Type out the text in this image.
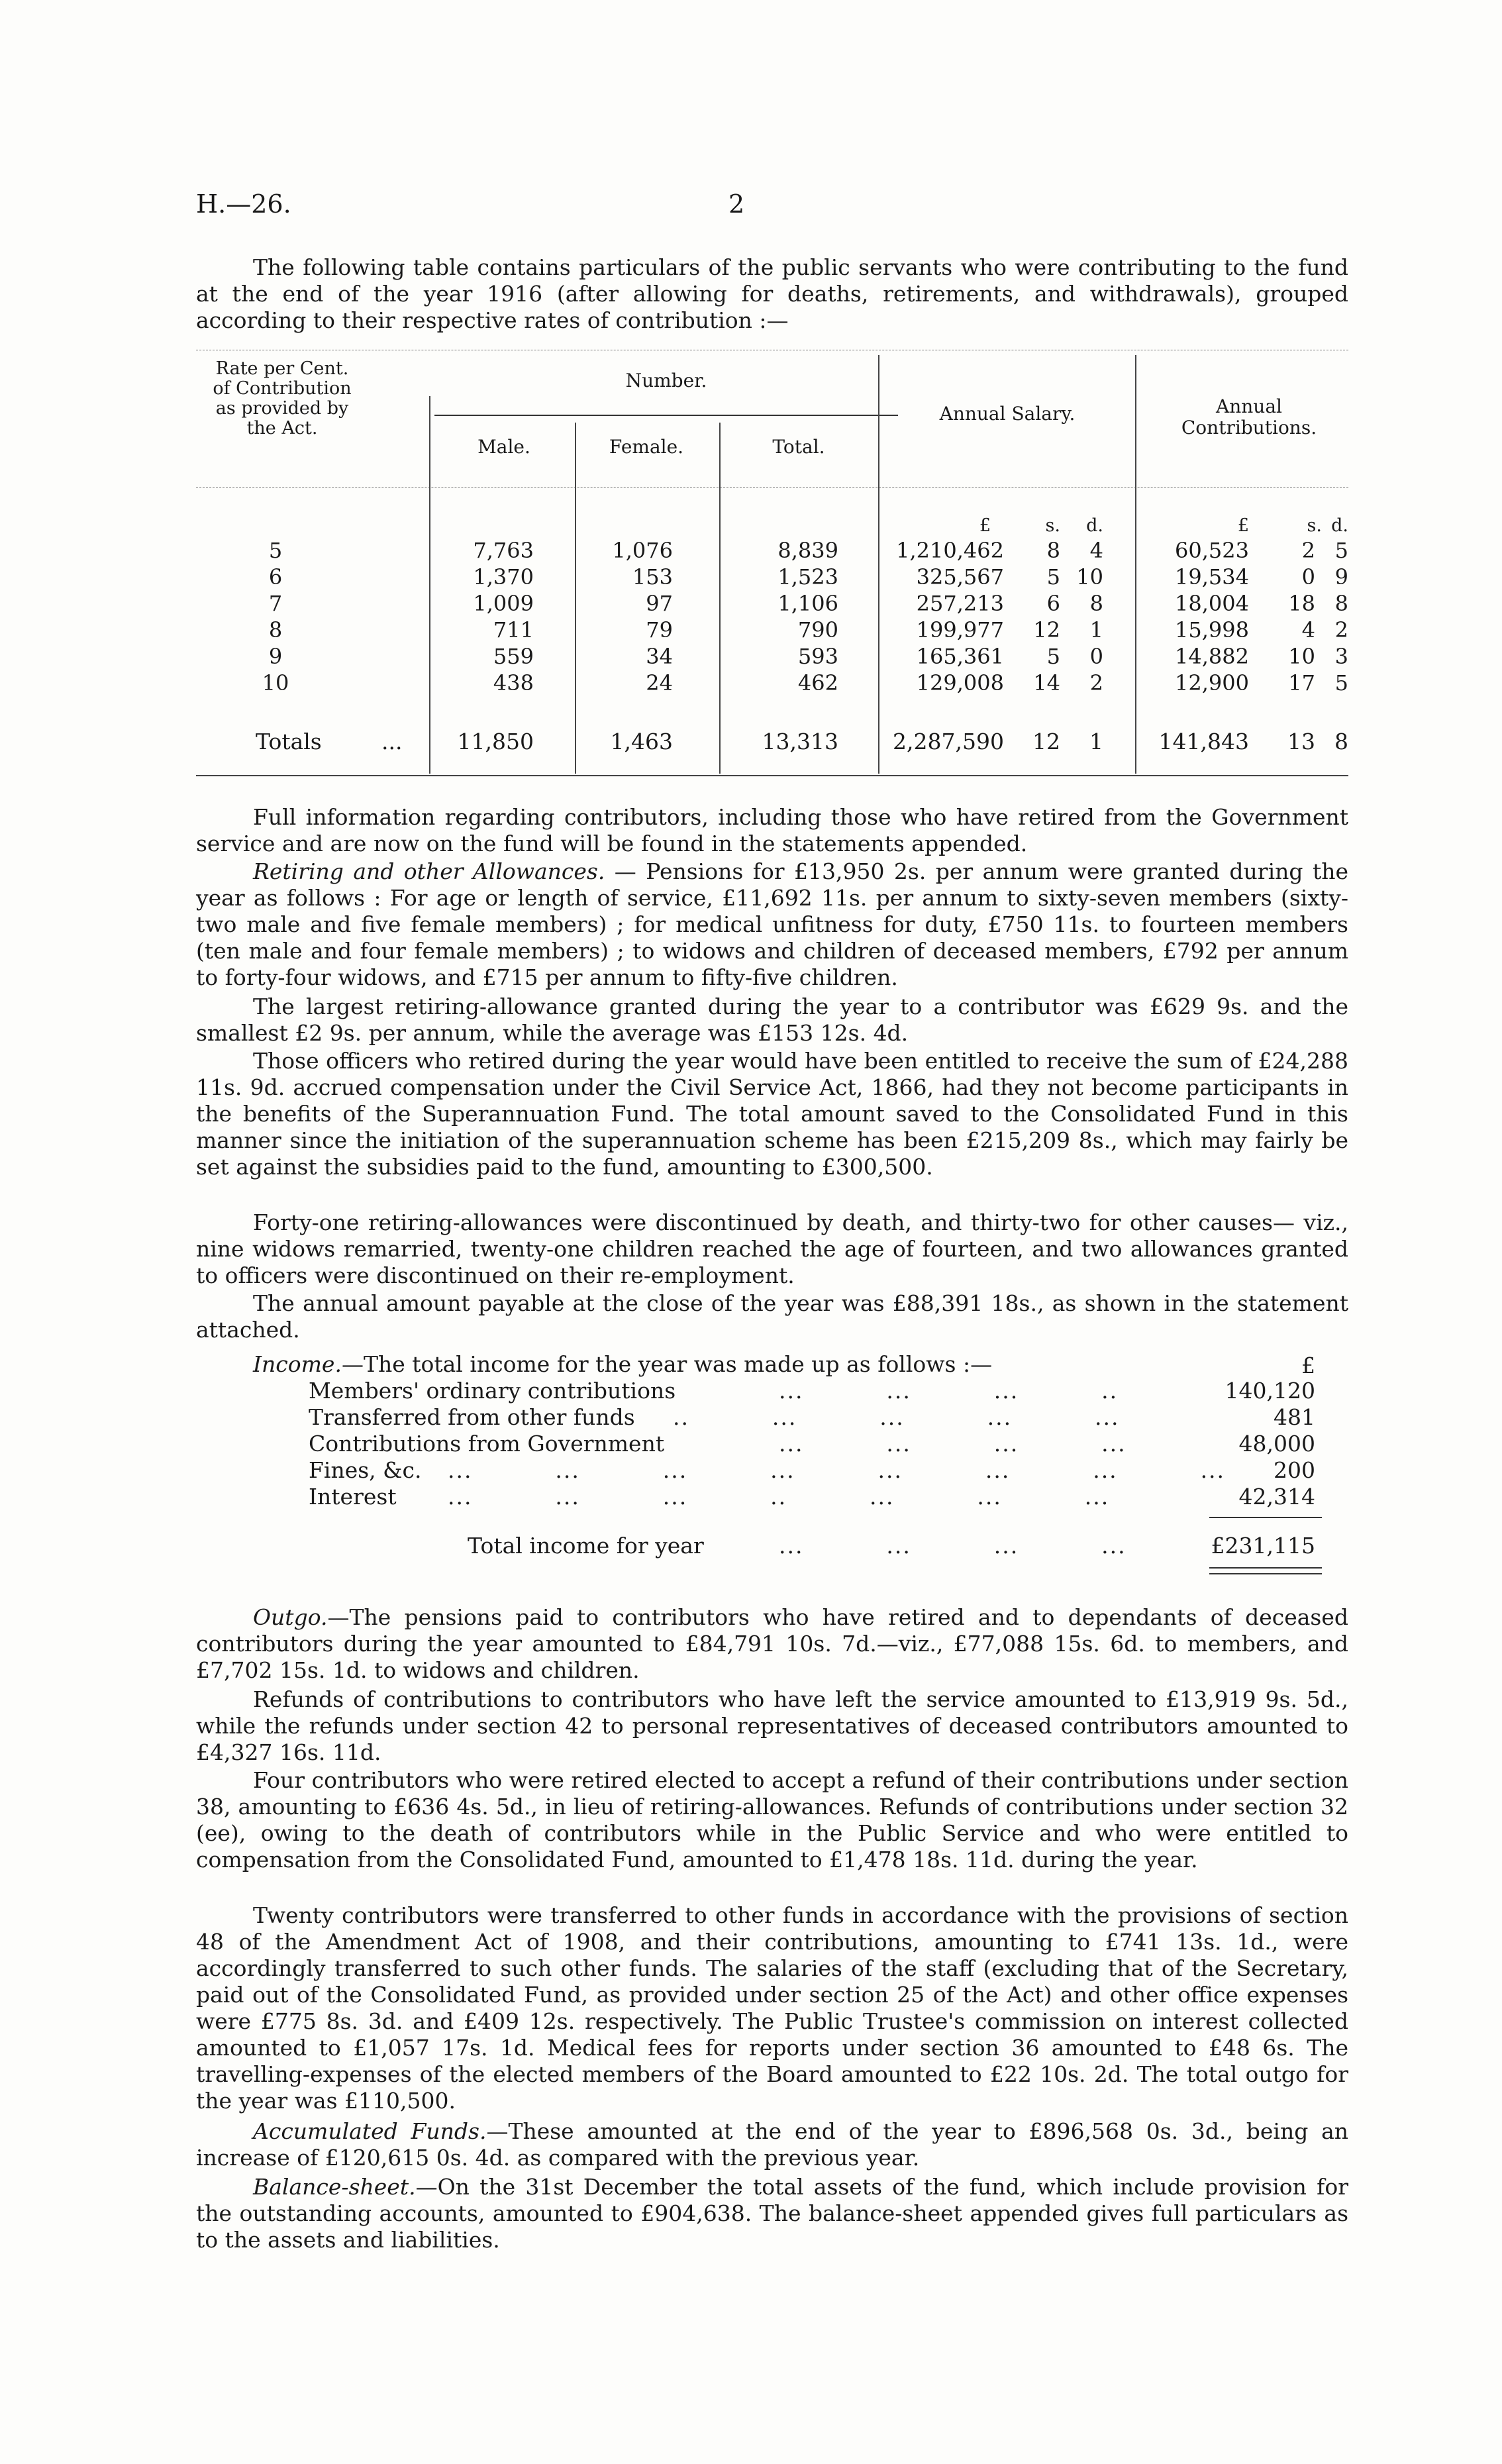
H.—26.	2
The following table contains particulars of the public servants who were contributing to the fund at the end of the year 1916 (after allowing for deaths, retirements, and withdrawals), grouped according to their respective rates of contribution :—
Rate per Cent. of Contribution as provided by the Act.
Number.
Male.	Female.	Total.
Annual Salary.	Annual Contributions.
£	s.	d.	£	s. d.
5	7,763	1,076	8,839	1,210,462	8	4	60,523	2 5
6	1,370	153	1,523	325,567	5 10	19,534	0 9
7	1,009	97	1,106	257,213	6	8	18,004 18 8
8	711	79	790	199,977	12	1	15,998	4 2
9	559	34	593	165,361	5	0	14,882 10 3
10	438	24	462	129,008	14	2	12,900 17 5
Totals	...	11,850	1,463	13,313	2,287,590	12	1	141,843 13 8
Full information regarding contributors, including those who have retired from the Government service and are now on the fund will be found in the statements appended.
Retiring and other Allowances. — Pensions for £13,950 2s. per annum were granted during the year as follows : For age or length of service, £11,692 11s. per annum to sixty-seven members (sixty-two male and five female members) ; for medical unfitness for duty, £750 11s. to fourteen members (ten male and four female members) ; to widows and children of deceased members, £792 per annum to forty-four widows, and £715 per annum to fifty-five children.
The largest retiring-allowance granted during the year to a contributor was £629 9s. and the smallest £2 9s. per annum, while the average was £153 12s. 4d.
Those officers who retired during the year would have been entitled to receive the sum of £24,288 11s. 9d. accrued compensation under the Civil Service Act, 1866, had they not become participants in the benefits of the Superannuation Fund. The total amount saved to the Consolidated Fund in this manner since the initiation of the superannuation scheme has been £215,209 8s., which may fairly be set against the subsidies paid to the fund, amounting to £300,500.
Forty-one retiring-allowances were discontinued by death, and thirty-two for other causes— viz., nine widows remarried, twenty-one children reached the age of fourteen, and two allowances granted to officers were discontinued on their re-employment.
The annual amount payable at the close of the year was £88,391 18s., as shown in the statement attached.
Income.—The total income for the year was made up as follows :—	£
Members' ordinary contributions	...          ...          ...          ..	140,120
Transferred from other funds ..          ...          ...          ...          ...	481
Contributions from Government	...          ...          ...          ...	48,000
Fines, &c. ...          ...          ...          ...          ...          ...          ...          ...	200
Interest ...          ...          ...          ..          ...          ...          ...	42,314
Total income for year	...          ...          ...          ...	£231,115
Outgo.—The pensions paid to contributors who have retired and to dependants of deceased contributors during the year amounted to £84,791 10s. 7d.—viz., £77,088 15s. 6d. to members, and £7,702 15s. 1d. to widows and children.
Refunds of contributions to contributors who have left the service amounted to £13,919 9s. 5d., while the refunds under section 42 to personal representatives of deceased contributors amounted to £4,327 16s. 11d.
Four contributors who were retired elected to accept a refund of their contributions under section 38, amounting to £636 4s. 5d., in lieu of retiring-allowances. Refunds of contributions under section 32 (ee), owing to the death of contributors while in the Public Service and who were entitled to compensation from the Consolidated Fund, amounted to £1,478 18s. 11d. during the year.
Twenty contributors were transferred to other funds in accordance with the provisions of section 48 of the Amendment Act of 1908, and their contributions, amounting to £741 13s. 1d., were accordingly transferred to such other funds. The salaries of the staff (excluding that of the Secretary, paid out of the Consolidated Fund, as provided under section 25 of the Act) and other office expenses were £775 8s. 3d. and £409 12s. respectively. The Public Trustee's commission on interest collected amounted to £1,057 17s. 1d. Medical fees for reports under section 36 amounted to £48 6s. The travelling-expenses of the elected members of the Board amounted to £22 10s. 2d. The total outgo for the year was £110,500.
Accumulated Funds.—These amounted at the end of the year to £896,568 0s. 3d., being an increase of £120,615 0s. 4d. as compared with the previous year.
Balance-sheet.—On the 31st December the total assets of the fund, which include provision for the outstanding accounts, amounted to £904,638. The balance-sheet appended gives full particulars as to the assets and liabilities.
